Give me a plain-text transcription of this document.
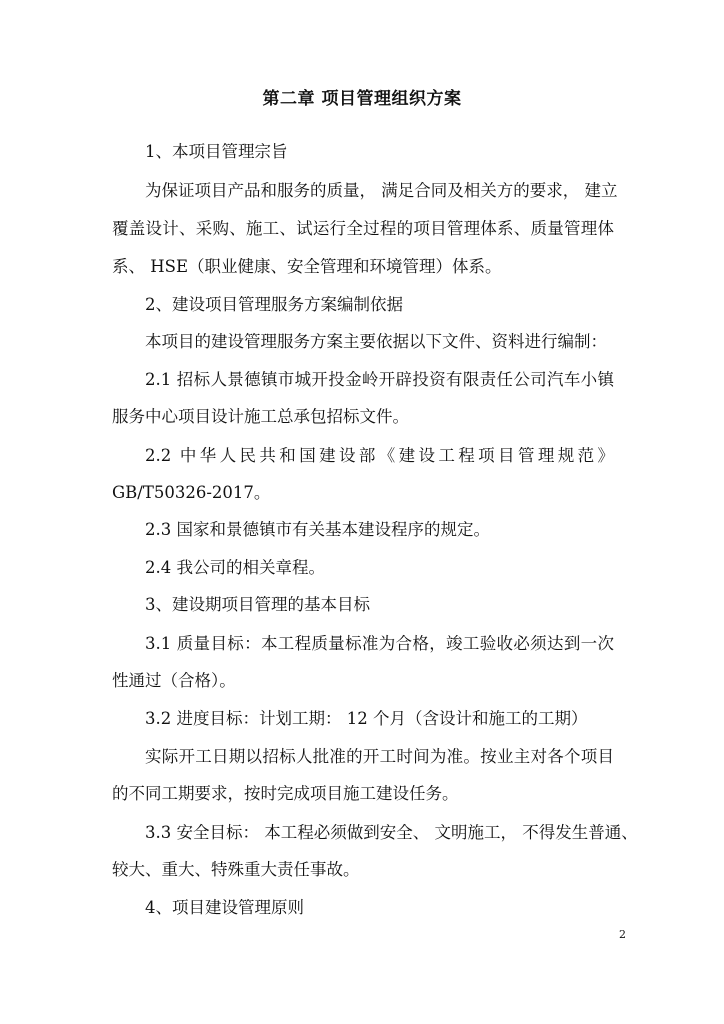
第二章 项目管理组织方案
1、本项目管理宗旨
为保证项目产品和服务的质量， 满足合同及相关方的要求， 建立
覆盖设计、采购、施工、试运行全过程的项目管理体系、质量管理体
系、 HSE（职业健康、安全管理和环境管理）体系。
2、建设项目管理服务方案编制依据
本项目的建设管理服务方案主要依据以下文件、资料进行编制：
2.1 招标人景德镇市城开投金岭开辟投资有限责任公司汽车小镇
服务中心项目设计施工总承包招标文件。
2.2 中华人民共和国建设部《建设工程项目管理规范》
GB/T50326-2017。
2.3 国家和景德镇市有关基本建设程序的规定。
2.4 我公司的相关章程。
3、建设期项目管理的基本目标
3.1 质量目标：本工程质量标准为合格，竣工验收必须达到一次
性通过（合格）。
3.2 进度目标：计划工期： 12 个月（含设计和施工的工期）
实际开工日期以招标人批准的开工时间为准。按业主对各个项目
的不同工期要求，按时完成项目施工建设任务。
3.3 安全目标： 本工程必须做到安全、 文明施工， 不得发生普通、
较大、重大、特殊重大责任事故。
4、项目建设管理原则
2
